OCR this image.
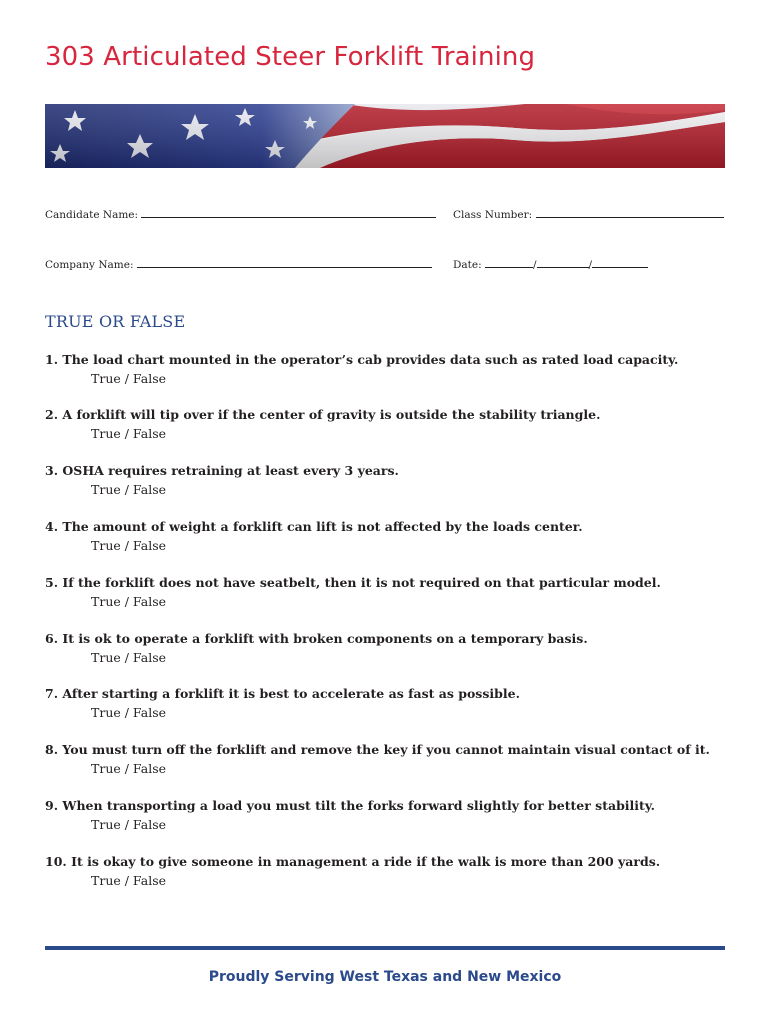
303 Articulated Steer Forklift Training
Candidate Name:	Class Number:
Company Name:	Date:	/	/
TRUE OR FALSE
1. The load chart mounted in the operator’s cab provides data such as rated load capacity.
True / False
2. A forklift will tip over if the center of gravity is outside the stability triangle.
True / False
3. OSHA requires retraining at least every 3 years.
True / False
4. The amount of weight a forklift can lift is not affected by the loads center.
True / False
5. If the forklift does not have seatbelt, then it is not required on that particular model.
True / False
6. It is ok to operate a forklift with broken components on a temporary basis.
True / False
7. After starting a forklift it is best to accelerate as fast as possible.
True / False
8. You must turn off the forklift and remove the key if you cannot maintain visual contact of it.
True / False
9. When transporting a load you must tilt the forks forward slightly for better stability.
True / False
10. It is okay to give someone in management a ride if the walk is more than 200 yards.
True / False
Proudly Serving West Texas and New Mexico
